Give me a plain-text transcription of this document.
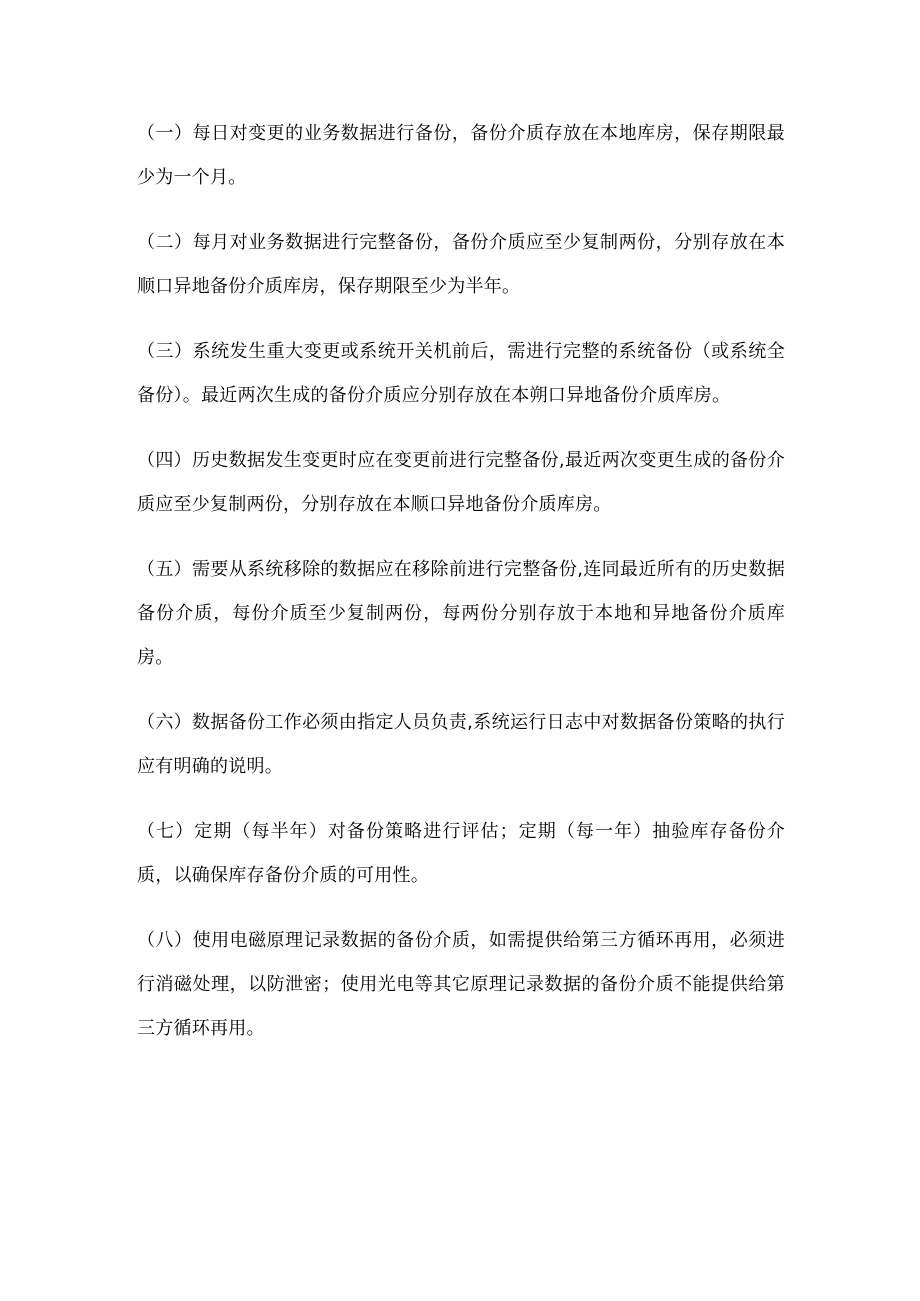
（一）每日对变更的业务数据进行备份，备份介质存放在本地库房，保存期限最少为一个月。

（二）每月对业务数据进行完整备份，备份介质应至少复制两份，分别存放在本顺口异地备份介质库房，保存期限至少为半年。

（三）系统发生重大变更或系统开关机前后，需进行完整的系统备份（或系统全备份）。最近两次生成的备份介质应分别存放在本朔口异地备份介质库房。

（四）历史数据发生变更时应在变更前进行完整备份,最近两次变更生成的备份介质应至少复制两份，分别存放在本顺口异地备份介质库房。

（五）需要从系统移除的数据应在移除前进行完整备份,连同最近所有的历史数据备份介质，每份介质至少复制两份，每两份分别存放于本地和异地备份介质库房。

（六）数据备份工作必须由指定人员负责,系统运行日志中对数据备份策略的执行应有明确的说明。

（七）定期（每半年）对备份策略进行评估；定期（每一年）抽验库存备份介质，以确保库存备份介质的可用性。

（八）使用电磁原理记录数据的备份介质，如需提供给第三方循环再用，必须进行消磁处理，以防泄密；使用光电等其它原理记录数据的备份介质不能提供给第三方循环再用。
